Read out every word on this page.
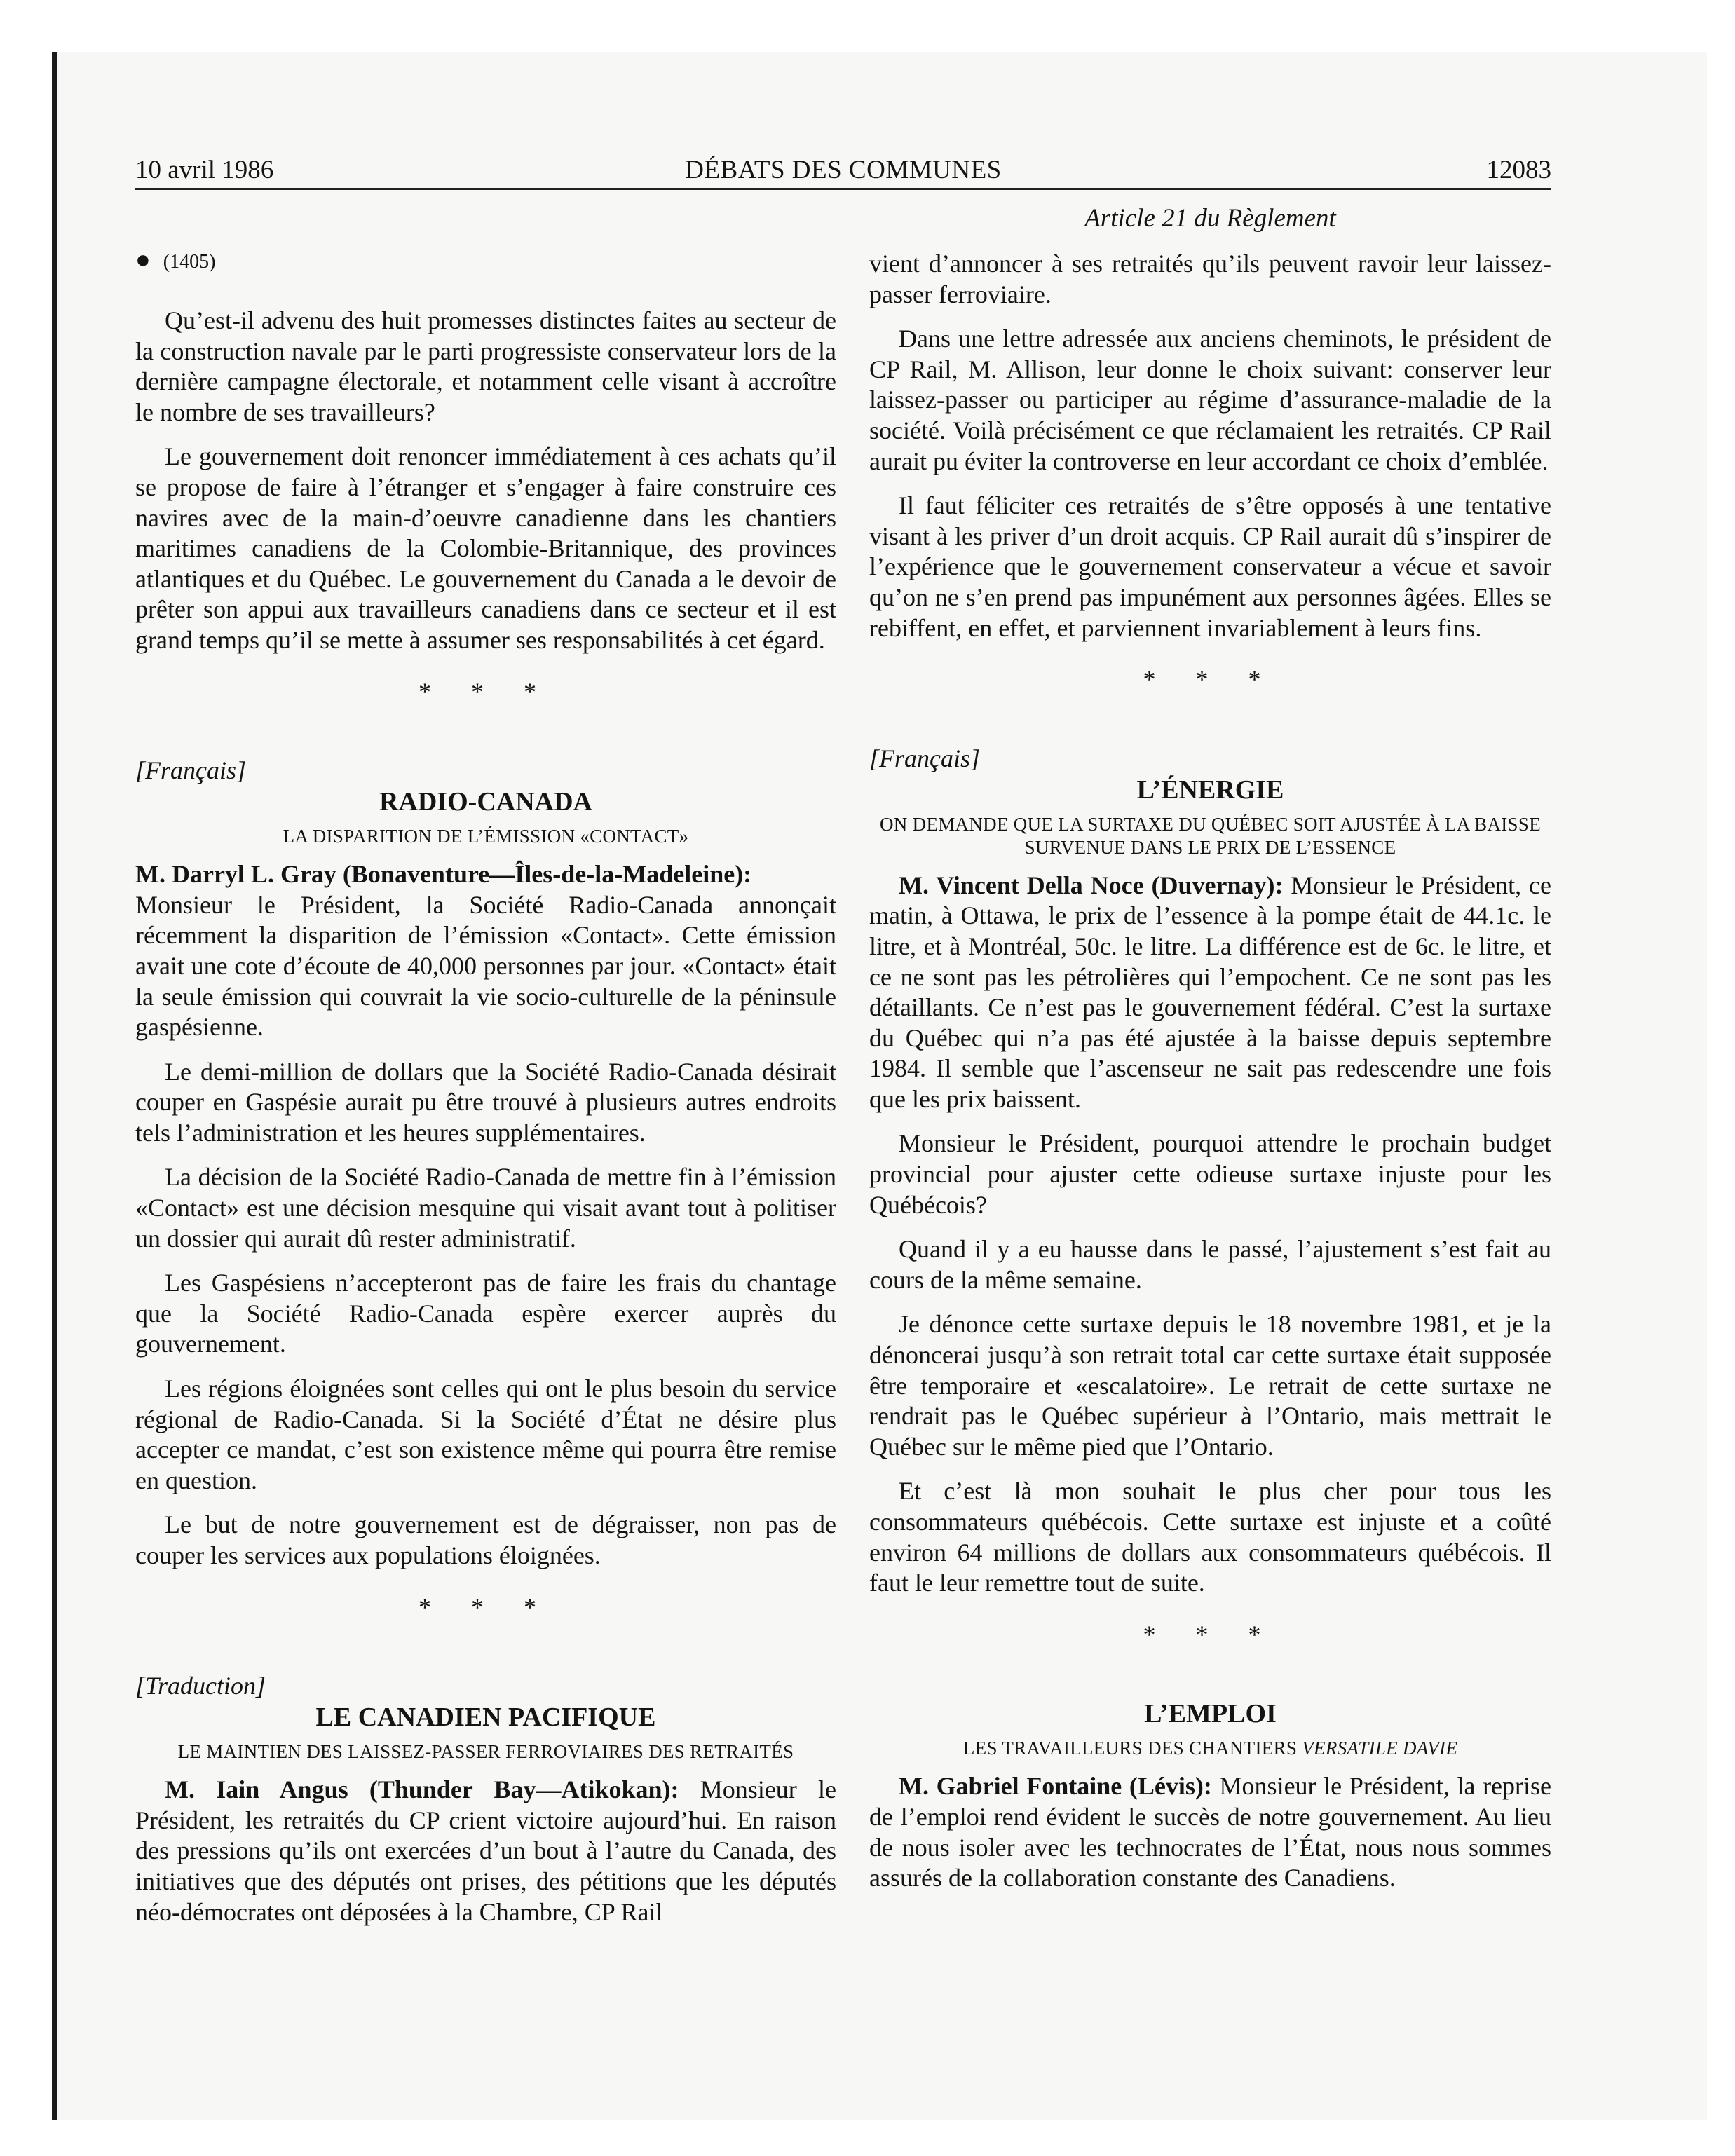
10 avril 1986	DÉBATS DES COMMUNES	12083
Article 21 du Règlement
● (1405)

Qu’est-il advenu des huit promesses distinctes faites au secteur de la construction navale par le parti progressiste conservateur lors de la dernière campagne électorale, et notamment celle visant à accroître le nombre de ses travailleurs?

Le gouvernement doit renoncer immédiatement à ces achats qu’il se propose de faire à l’étranger et s’engager à faire construire ces navires avec de la main-d’oeuvre canadienne dans les chantiers maritimes canadiens de la Colombie-Britannique, des provinces atlantiques et du Québec. Le gouvernement du Canada a le devoir de prêter son appui aux travailleurs canadiens dans ce secteur et il est grand temps qu’il se mette à assumer ses responsabilités à cet égard.

* * *
[Français]
RADIO-CANADA
LA DISPARITION DE L’ÉMISSION «CONTACT»

M. Darryl L. Gray (Bonaventure—Îles-de-la-Madeleine):
Monsieur le Président, la Société Radio-Canada annonçait récemment la disparition de l’émission «Contact». Cette émission avait une cote d’écoute de 40,000 personnes par jour. «Contact» était la seule émission qui couvrait la vie socio-culturelle de la péninsule gaspésienne.

Le demi-million de dollars que la Société Radio-Canada désirait couper en Gaspésie aurait pu être trouvé à plusieurs autres endroits tels l’administration et les heures supplémentaires.

La décision de la Société Radio-Canada de mettre fin à l’émission «Contact» est une décision mesquine qui visait avant tout à politiser un dossier qui aurait dû rester administratif.

Les Gaspésiens n’accepteront pas de faire les frais du chantage que la Société Radio-Canada espère exercer auprès du gouvernement.

Les régions éloignées sont celles qui ont le plus besoin du service régional de Radio-Canada. Si la Société d’État ne désire plus accepter ce mandat, c’est son existence même qui pourra être remise en question.

Le but de notre gouvernement est de dégraisser, non pas de couper les services aux populations éloignées.

* * *
[Traduction]
LE CANADIEN PACIFIQUE
LE MAINTIEN DES LAISSEZ-PASSER FERROVIAIRES DES RETRAITÉS

M. Iain Angus (Thunder Bay—Atikokan): Monsieur le Président, les retraités du CP crient victoire aujourd’hui. En raison des pressions qu’ils ont exercées d’un bout à l’autre du Canada, des initiatives que des députés ont prises, des pétitions que les députés néo-démocrates ont déposées à la Chambre, CP Rail

vient d’annoncer à ses retraités qu’ils peuvent ravoir leur laissez-passer ferroviaire.

Dans une lettre adressée aux anciens cheminots, le président de CP Rail, M. Allison, leur donne le choix suivant: conserver leur laissez-passer ou participer au régime d’assurance-maladie de la société. Voilà précisément ce que réclamaient les retraités. CP Rail aurait pu éviter la controverse en leur accordant ce choix d’emblée.

Il faut féliciter ces retraités de s’être opposés à une tentative visant à les priver d’un droit acquis. CP Rail aurait dû s’inspirer de l’expérience que le gouvernement conservateur a vécue et savoir qu’on ne s’en prend pas impunément aux personnes âgées. Elles se rebiffent, en effet, et parviennent invariablement à leurs fins.

* * *
[Français]
L’ÉNERGIE
ON DEMANDE QUE LA SURTAXE DU QUÉBEC SOIT AJUSTÉE À LA BAISSE SURVENUE DANS LE PRIX DE L’ESSENCE

M. Vincent Della Noce (Duvernay): Monsieur le Président, ce matin, à Ottawa, le prix de l’essence à la pompe était de 44.1c. le litre, et à Montréal, 50c. le litre. La différence est de 6c. le litre, et ce ne sont pas les pétrolières qui l’empochent. Ce ne sont pas les détaillants. Ce n’est pas le gouvernement fédéral. C’est la surtaxe du Québec qui n’a pas été ajustée à la baisse depuis septembre 1984. Il semble que l’ascenseur ne sait pas redescendre une fois que les prix baissent.

Monsieur le Président, pourquoi attendre le prochain budget provincial pour ajuster cette odieuse surtaxe injuste pour les Québécois?

Quand il y a eu hausse dans le passé, l’ajustement s’est fait au cours de la même semaine.

Je dénonce cette surtaxe depuis le 18 novembre 1981, et je la dénoncerai jusqu’à son retrait total car cette surtaxe était supposée être temporaire et «escalatoire». Le retrait de cette surtaxe ne rendrait pas le Québec supérieur à l’Ontario, mais mettrait le Québec sur le même pied que l’Ontario.

Et c’est là mon souhait le plus cher pour tous les consommateurs québécois. Cette surtaxe est injuste et a coûté environ 64 millions de dollars aux consommateurs québécois. Il faut le leur remettre tout de suite.

* * *
L’EMPLOI
LES TRAVAILLEURS DES CHANTIERS VERSATILE DAVIE

M. Gabriel Fontaine (Lévis): Monsieur le Président, la reprise de l’emploi rend évident le succès de notre gouvernement. Au lieu de nous isoler avec les technocrates de l’État, nous nous sommes assurés de la collaboration constante des Canadiens.
